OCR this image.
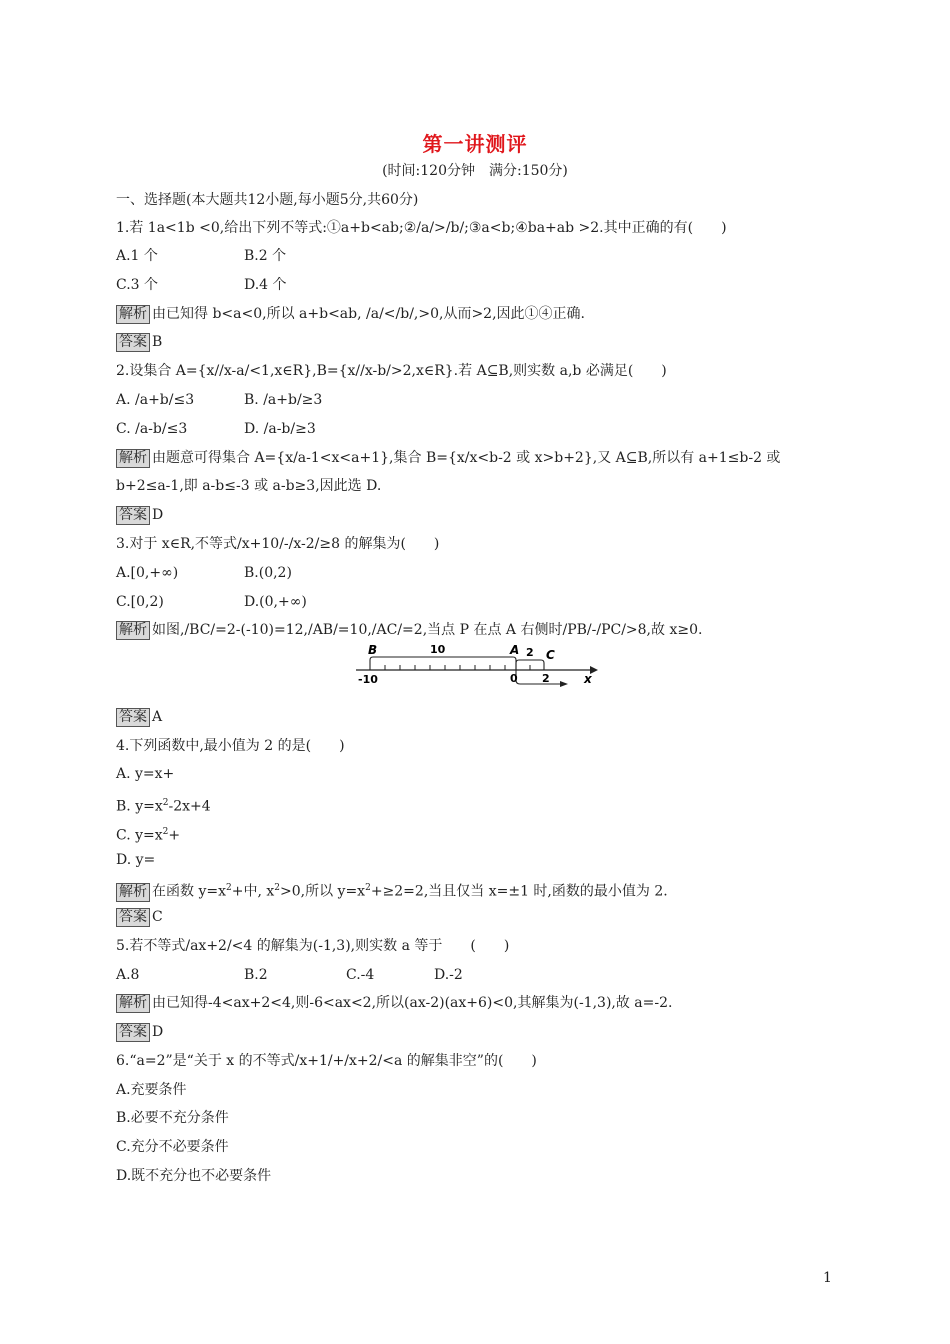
第一讲测评
(时间:120分钟　满分:150分)
一、选择题(本大题共12小题,每小题5分,共60分)
1.若 1a<1b <0,给出下列不等式:①a+b<ab;②/a/>/b/;③a<b;④ba+ab >2.其中正确的有(　　)
A.1 个	B.2 个
C.3 个	D.4 个
解析 由已知得 b<a<0,所以 a+b<ab, /a/</b/,>0,从而>2,因此①④正确.
答案 B
2.设集合 A={x//x-a/<1,x∈R},B={x//x-b/>2,x∈R}.若 A⊆B,则实数 a,b 必满足(　　)
A. /a+b/≤3	B. /a+b/≥3
C. /a-b/≤3	D. /a-b/≥3
解析 由题意可得集合 A={x/a-1<x<a+1},集合 B={x/x<b-2 或 x>b+2},又 A⊆B,所以有 a+1≤b-2 或
b+2≤a-1,即 a-b≤-3 或 a-b≥3,因此选 D.
答案 D
3.对于 x∈R,不等式/x+10/-/x-2/≥8 的解集为(　　)
A.[0,+∞)	B.(0,2)
C.[0,2)	D.(0,+∞)
解析 如图,/BC/=2-(-10)=12,/AB/=10,/AC/=2,当点 P 在点 A 右侧时/PB/-/PC/>8,故 x≥0.
B	10	A 2 C
-10	0 2	x
答案 A
4.下列函数中,最小值为 2 的是(　　)
A. y=x+
B. $y=x^2-2x+4$
C. $y=x^2+$
D. y=
解析 在函数 $y=x^2+$中, $x^2>0$,所以 $y=x^2+\ge 2=2$,当且仅当 x=±1 时,函数的最小值为 2.
答案 C
5.若不等式/ax+2/<4 的解集为(-1,3),则实数 a 等于　　(　　)
A.8	B.2	C.-4	D.-2
解析 由已知得-4<ax+2<4,则-6<ax<2,所以(ax-2)(ax+6)<0,其解集为(-1,3),故 a=-2.
答案 D
6.“a=2”是“关于 x 的不等式/x+1/+/x+2/<a 的解集非空”的(　　)
A.充要条件
B.必要不充分条件
C.充分不必要条件
D.既不充分也不必要条件
1
